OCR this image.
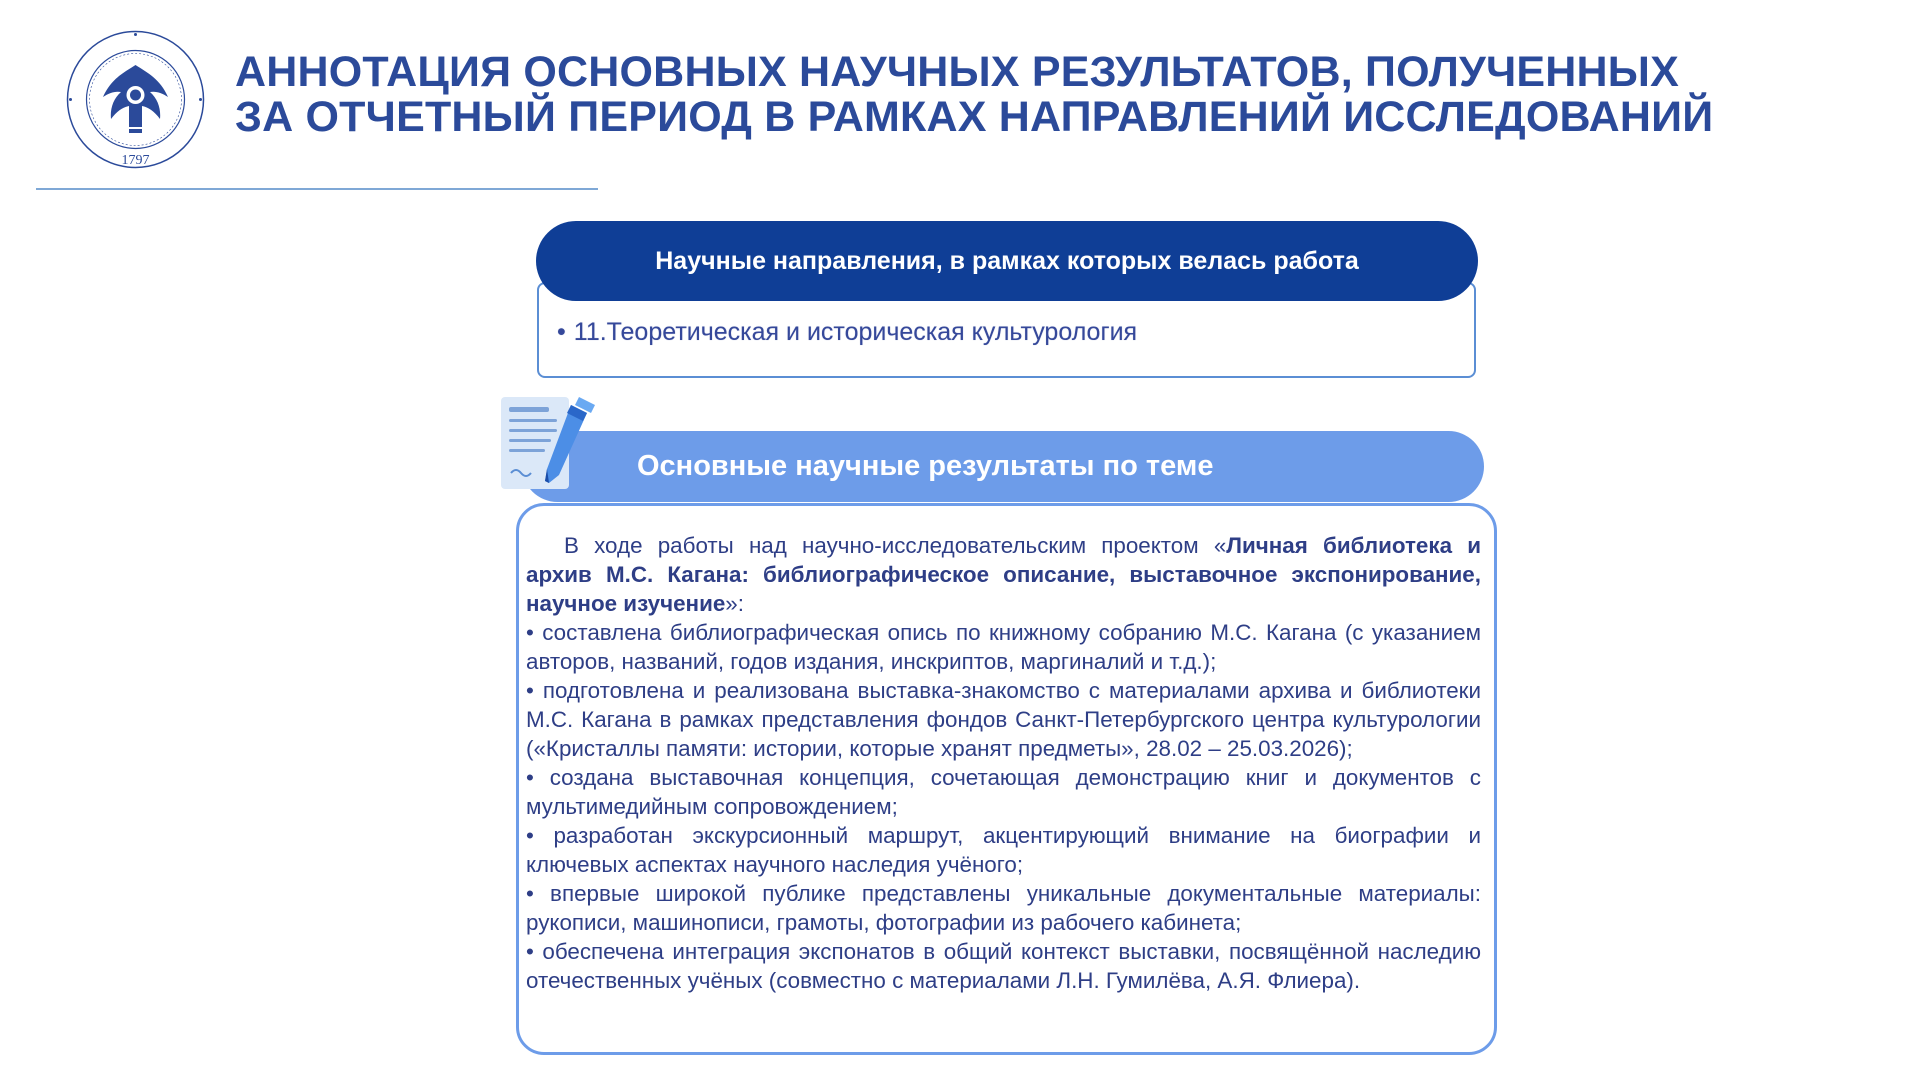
1797
АННОТАЦИЯ ОСНОВНЫХ НАУЧНЫХ РЕЗУЛЬТАТОВ, ПОЛУЧЕННЫХ
ЗА ОТЧЕТНЫЙ ПЕРИОД В РАМКАХ НАПРАВЛЕНИЙ ИССЛЕДОВАНИЙ
Научные направления, в рамках которых велась работа
• 11.Теоретическая и историческая культурология
Основные научные результаты по теме

В ходе работы над научно-исследовательским проектом «Личная библиотека и архив М.С. Кагана: библиографическое описание, выставочное экспонирование, научное изучение»:

• составлена библиографическая опись по книжному собранию М.С. Кагана (с указанием авторов, названий, годов издания, инскриптов, маргиналий и т.д.);

• подготовлена и реализована выставка-знакомство с материалами архива и библиотеки М.С. Кагана в рамках представления фондов Санкт-Петербургского центра культурологии («Кристаллы памяти: истории, которые хранят предметы», 28.02 – 25.03.2026);

• создана выставочная концепция, сочетающая демонстрацию книг и документов с мультимедийным сопровождением;

• разработан экскурсионный маршрут, акцентирующий внимание на биографии и ключевых аспектах научного наследия учёного;

• впервые широкой публике представлены уникальные документальные материалы: рукописи, машинописи, грамоты, фотографии из рабочего кабинета;

• обеспечена интеграция экспонатов в общий контекст выставки, посвящённой наследию отечественных учёных (совместно с материалами Л.Н. Гумилёва, А.Я. Флиера).
